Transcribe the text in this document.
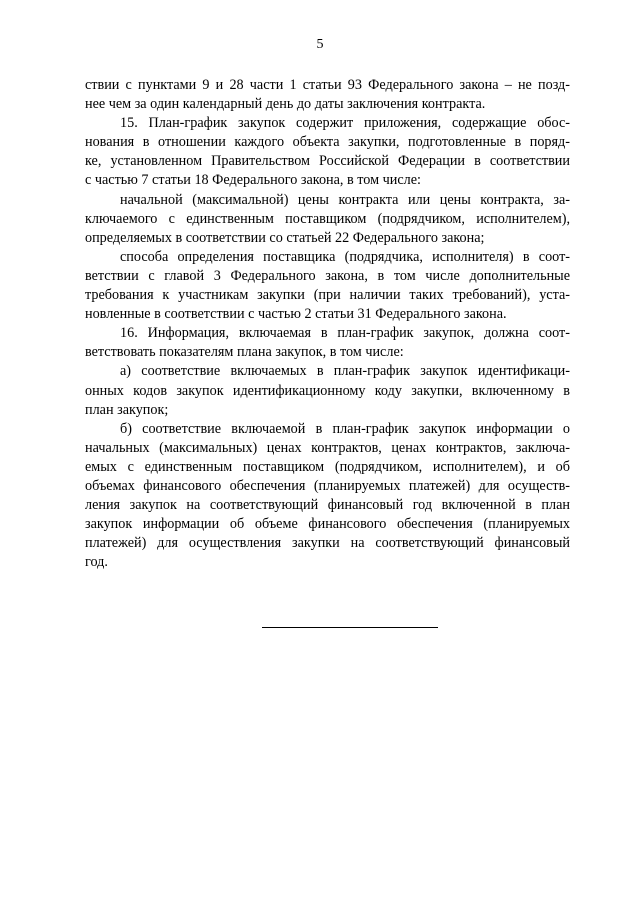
5
ствии с пунктами 9 и 28 части 1 статьи 93 Федерального закона – не позд-
нее чем за один календарный день до даты заключения контракта.
15. План-график закупок содержит приложения, содержащие обос-
нования в отношении каждого объекта закупки, подготовленные в поряд-
ке, установленном Правительством Российской Федерации в соответствии
с частью 7 статьи 18 Федерального закона, в том числе:
начальной (максимальной) цены контракта или цены контракта, за-
ключаемого с единственным поставщиком (подрядчиком, исполнителем),
определяемых в соответствии со статьей 22 Федерального закона;
способа определения поставщика (подрядчика, исполнителя) в соот-
ветствии с главой 3 Федерального закона, в том числе дополнительные
требования к участникам закупки (при наличии таких требований), уста-
новленные в соответствии с частью 2 статьи 31 Федерального закона.
16. Информация, включаемая в план-график закупок, должна соот-
ветствовать показателям плана закупок, в том числе:
а) соответствие включаемых в план-график закупок идентификаци-
онных кодов закупок идентификационному коду закупки, включенному в
план закупок;
б) соответствие включаемой в план-график закупок информации о
начальных (максимальных) ценах контрактов, ценах контрактов, заключа-
емых с единственным поставщиком (подрядчиком, исполнителем), и об
объемах финансового обеспечения (планируемых платежей) для осуществ-
ления закупок на соответствующий финансовый год включенной в план
закупок информации об объеме финансового обеспечения (планируемых
платежей) для осуществления закупки на соответствующий финансовый
год.
